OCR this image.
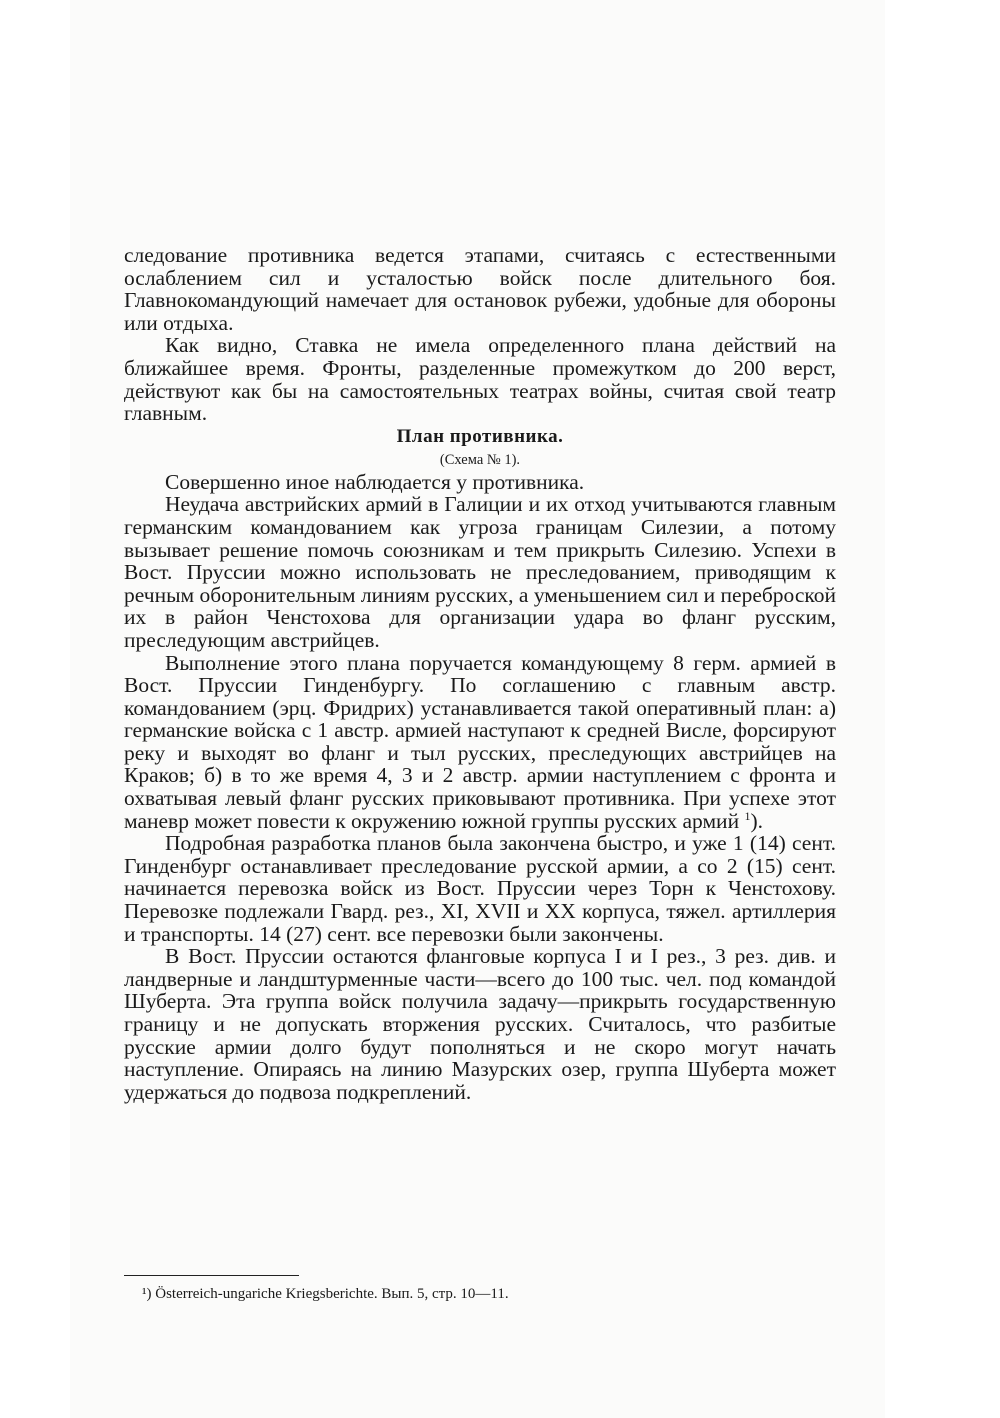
следование противника ведется этапами, считаясь с естественными ослаблением сил и усталостью войск после длительного боя. Главнокомандующий намечает для остановок рубежи, удобные для обороны или отдыха.

Как видно, Ставка не имела определенного плана действий на ближайшее время. Фронты, разделенные промежутком до 200 верст, действуют как бы на самостоятельных театрах войны, считая свой театр главным.

План противника.

(Схема № 1).

Совершенно иное наблюдается у противника.

Неудача австрийских армий в Галиции и их отход учитываются главным германским командованием как угроза границам Силезии, а потому вызывает решение помочь союзникам и тем прикрыть Силезию. Успехи в Вост. Пруссии можно использовать не преследованием, приводящим к речным оборонительным линиям русских, а уменьшением сил и переброской их в район Ченстохова для организации удара во фланг русским, преследующим австрийцев.

Выполнение этого плана поручается командующему 8 герм. армией в Вост. Пруссии Гинденбургу. По соглашению с главным австр. командованием (эрц. Фридрих) устанавливается такой оперативный план: а) германские войска с 1 австр. армией наступают к средней Висле, форсируют реку и выходят во фланг и тыл русских, преследующих австрийцев на Краков; б) в то же время 4, 3 и 2 австр. армии наступлением с фронта и охватывая левый фланг русских приковывают противника. При успехе этот маневр может повести к окружению южной группы русских армий $^1$).

Подробная разработка планов была закончена быстро, и уже 1 (14) сент. Гинденбург останавливает преследование русской армии, а со 2 (15) сент. начинается перевозка войск из Вост. Пруссии через Торн к Ченстохову. Перевозке подлежали Гвард. рез., XI, XVII и XX корпуса, тяжел. артиллерия и транспорты. 14 (27) сент. все перевозки были закончены.

В Вост. Пруссии остаются фланговые корпуса I и I рез., 3 рез. див. и ландверные и ландштурменные части—всего до 100 тыс. чел. под командой Шуберта. Эта группа войск получила задачу—прикрыть государственную границу и не допускать вторжения русских. Считалось, что разбитые русские армии долго будут пополняться и не скоро могут начать наступление. Опираясь на линию Мазурских озер, группа Шуберта может удержаться до подвоза подкреплений.

¹) Österreich-ungariche Kriegsberichte. Вып. 5, стр. 10—11.
